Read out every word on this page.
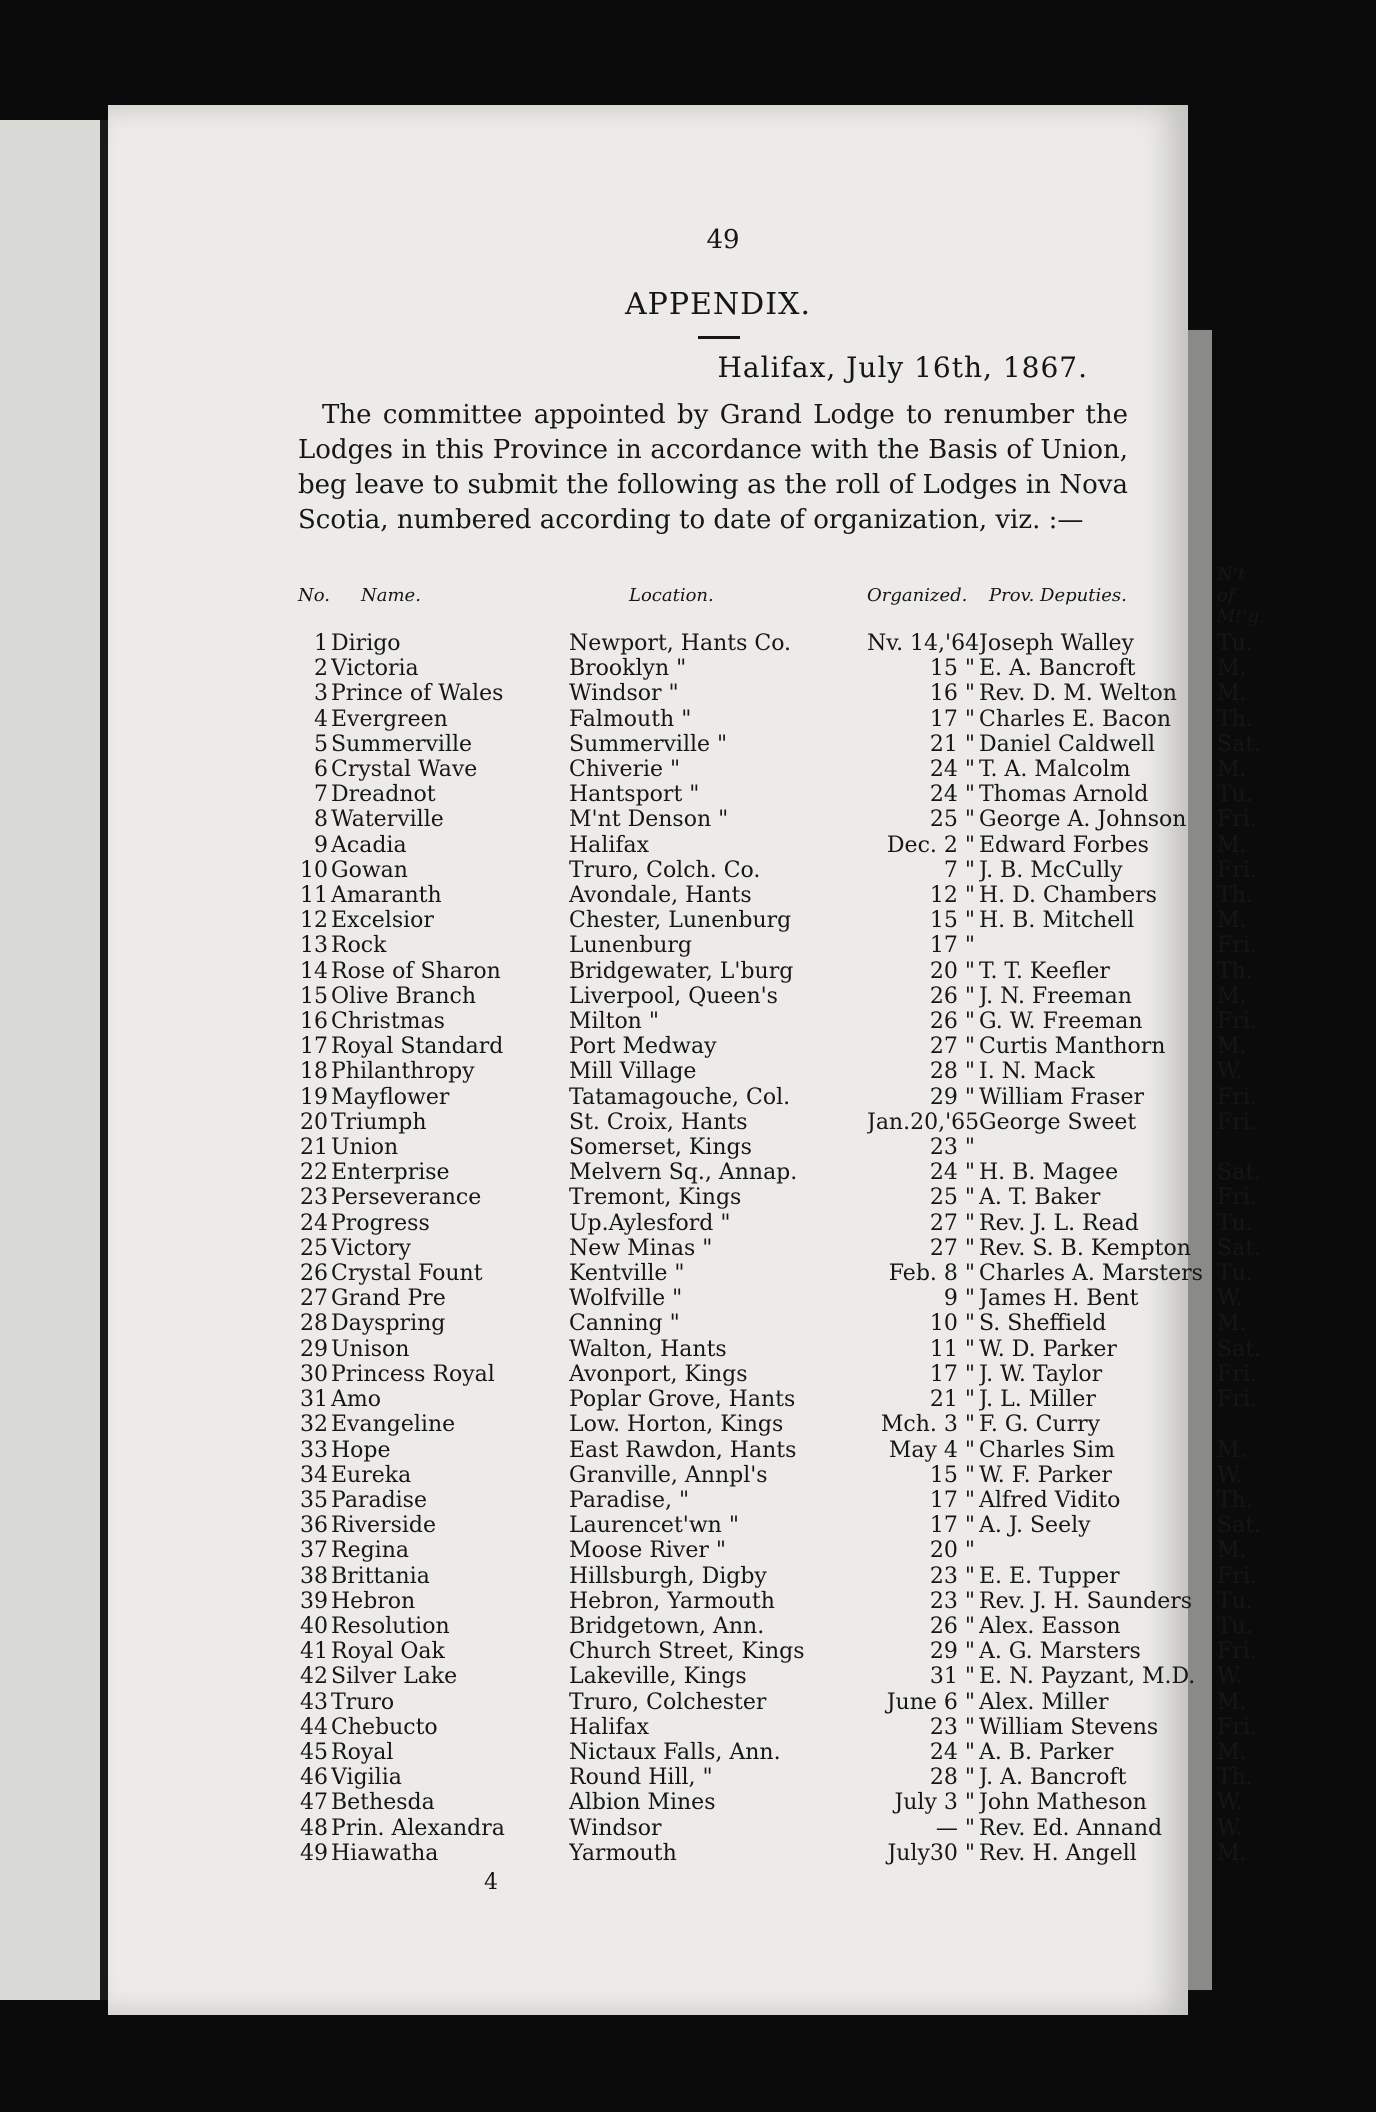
49
APPENDIX.
Halifax, July 16th, 1867.

The committee appointed by Grand Lodge to renumber the Lodges in this Province in accordance with the Basis of Union, beg leave to submit the following as the roll of Lodges in Nova Scotia, numbered according to date of organization, viz. :—

No.	Name.	Location.	Organized.	Prov. Deputies.	N't of Mt'g.
1	Dirigo	Newport, Hants Co.	Nv. 14,'64	Joseph Walley	Tu.
2	Victoria	Brooklyn "	15 "	E. A. Bancroft	M.
3	Prince of Wales	Windsor "	16 "	Rev. D. M. Welton	M.
4	Evergreen	Falmouth "	17 "	Charles E. Bacon	Th.
5	Summerville	Summerville "	21 "	Daniel Caldwell	Sat.
6	Crystal Wave	Chiverie "	24 "	T. A. Malcolm	M.
7	Dreadnot	Hantsport "	24 "	Thomas Arnold	Tu.
8	Waterville	M'nt Denson "	25 "	George A. Johnson	Fri.
9	Acadia	Halifax	Dec. 2 "	Edward Forbes	M.
10	Gowan	Truro, Colch. Co.	7 "	J. B. McCully	Fri.
11	Amaranth	Avondale, Hants	12 "	H. D. Chambers	Th.
12	Excelsior	Chester, Lunenburg	15 "	H. B. Mitchell	M.
13	Rock	Lunenburg	17 "		Fri.
14	Rose of Sharon	Bridgewater, L'burg	20 "	T. T. Keefler	Th.
15	Olive Branch	Liverpool, Queen's	26 "	J. N. Freeman	M.
16	Christmas	Milton "	26 "	G. W. Freeman	Fri.
17	Royal Standard	Port Medway	27 "	Curtis Manthorn	M.
18	Philanthropy	Mill Village	28 "	I. N. Mack	W.
19	Mayflower	Tatamagouche, Col.	29 "	William Fraser	Fri.
20	Triumph	St. Croix, Hants	Jan.20,'65	George Sweet	Fri.
21	Union	Somerset, Kings	23 "		
22	Enterprise	Melvern Sq., Annap.	24 "	H. B. Magee	Sat.
23	Perseverance	Tremont, Kings	25 "	A. T. Baker	Fri.
24	Progress	Up.Aylesford "	27 "	Rev. J. L. Read	Tu.
25	Victory	New Minas "	27 "	Rev. S. B. Kempton	Sat.
26	Crystal Fount	Kentville "	Feb. 8 "	Charles A. Marsters	Tu.
27	Grand Pre	Wolfville "	9 "	James H. Bent	W.
28	Dayspring	Canning "	10 "	S. Sheffield	M.
29	Unison	Walton, Hants	11 "	W. D. Parker	Sat.
30	Princess Royal	Avonport, Kings	17 "	J. W. Taylor	Fri.
31	Amo	Poplar Grove, Hants	21 "	J. L. Miller	Fri.
32	Evangeline	Low. Horton, Kings	Mch. 3 "	F. G. Curry	
33	Hope	East Rawdon, Hants	May 4 "	Charles Sim	M.
34	Eureka	Granville, Annpl's	15 "	W. F. Parker	W.
35	Paradise	Paradise, "	17 "	Alfred Vidito	Th.
36	Riverside	Laurencet'wn "	17 "	A. J. Seely	Sat.
37	Regina	Moose River "	20 "		M.
38	Brittania	Hillsburgh, Digby	23 "	E. E. Tupper	Fri.
39	Hebron	Hebron, Yarmouth	23 "	Rev. J. H. Saunders	Tu.
40	Resolution	Bridgetown, Ann.	26 "	Alex. Easson	Tu.
41	Royal Oak	Church Street, Kings	29 "	A. G. Marsters	Fri.
42	Silver Lake	Lakeville, Kings	31 "	E. N. Payzant, M.D.	W.
43	Truro	Truro, Colchester	June 6 "	Alex. Miller	M.
44	Chebucto	Halifax	23 "	William Stevens	Fri.
45	Royal	Nictaux Falls, Ann.	24 "	A. B. Parker	M.
46	Vigilia	Round Hill, "	28 "	J. A. Bancroft	Th.
47	Bethesda	Albion Mines	July 3 "	John Matheson	W.
48	Prin. Alexandra	Windsor	— "	Rev. Ed. Annand	W.
49	Hiawatha	Yarmouth	July30 "	Rev. H. Angell	M.
4
